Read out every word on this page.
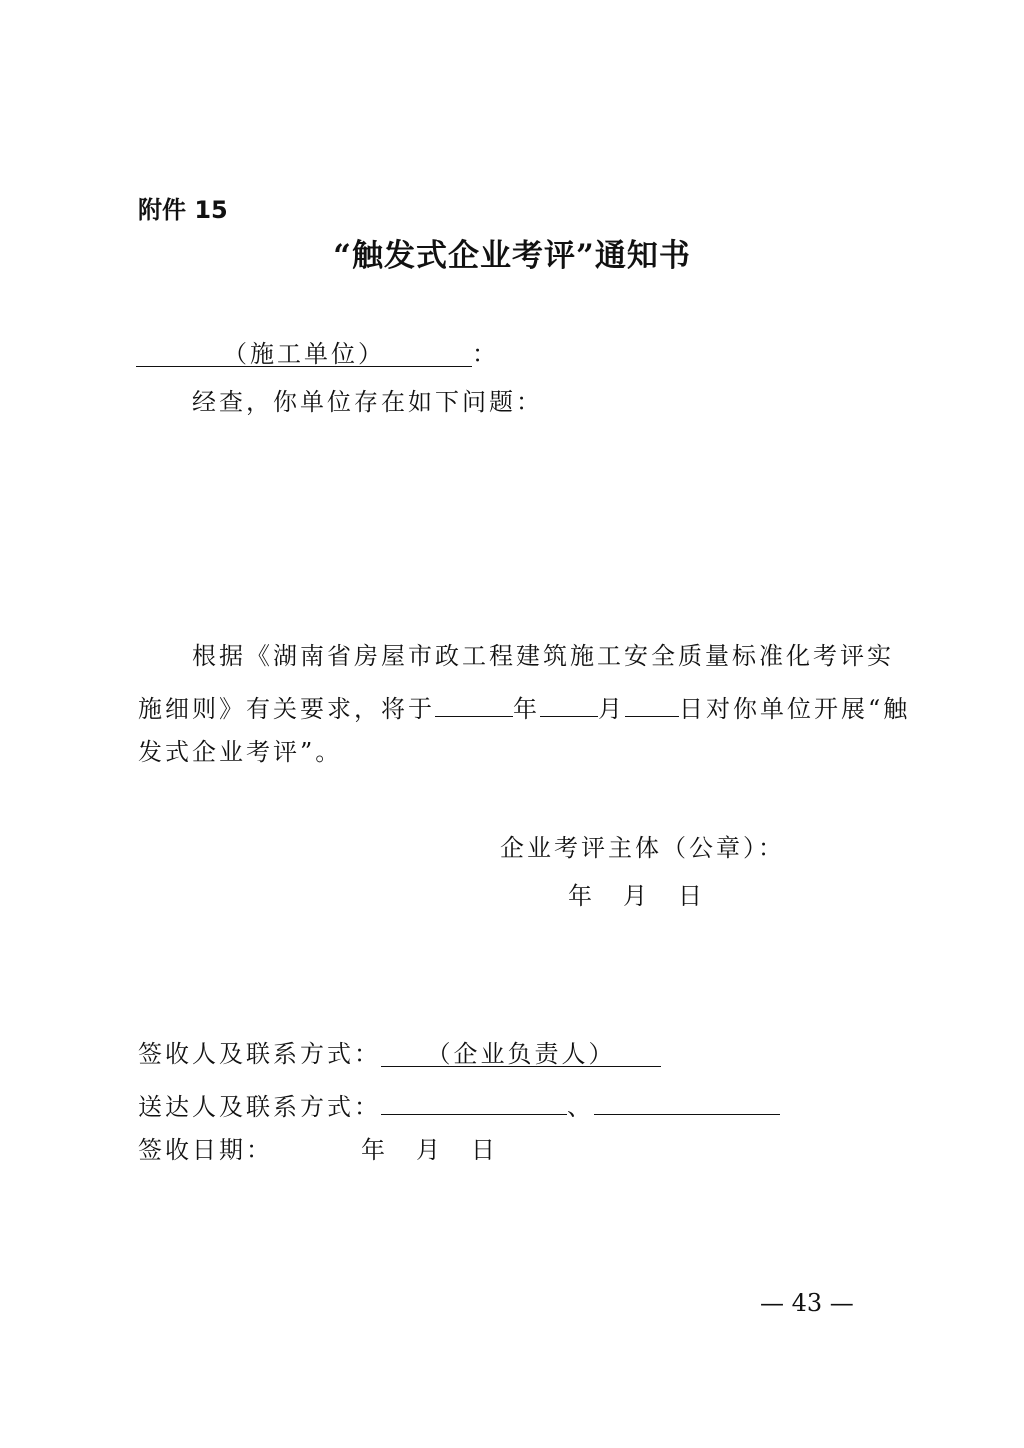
附件 15
“触发式企业考评”通知书
（施工单位）	：
经查，你单位存在如下问题：
根据《湖南省房屋市政工程建筑施工安全质量标准化考评实
施细则》有关要求，将于	年 月 日对你单位开展“触
发式企业考评”。
企业考评主体（公章）：
年 月 日
签收人及联系方式： （企业负责人）
送达人及联系方式：	、
签收日期：	年 月 日
— 43 —
